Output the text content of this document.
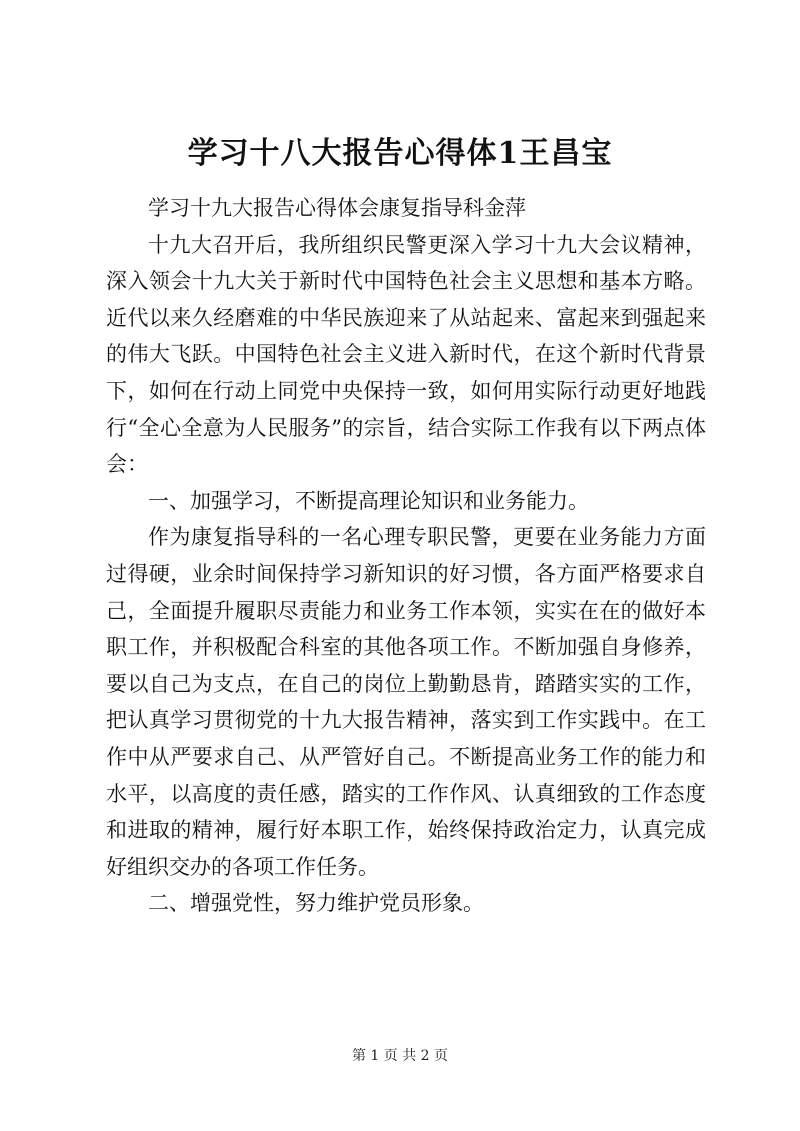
学习十八大报告心得体1王昌宝

学习十九大报告心得体会康复指导科金萍

十九大召开后，我所组织民警更深入学习十九大会议精神，深入领会十九大关于新时代中国特色社会主义思想和基本方略。近代以来久经磨难的中华民族迎来了从站起来、富起来到强起来的伟大飞跃。中国特色社会主义进入新时代，在这个新时代背景下，如何在行动上同党中央保持一致，如何用实际行动更好地践行“全心全意为人民服务”的宗旨，结合实际工作我有以下两点体会：

一、加强学习，不断提高理论知识和业务能力。

作为康复指导科的一名心理专职民警，更要在业务能力方面过得硬，业余时间保持学习新知识的好习惯，各方面严格要求自己，全面提升履职尽责能力和业务工作本领，实实在在的做好本职工作，并积极配合科室的其他各项工作。不断加强自身修养，要以自己为支点，在自己的岗位上勤勤恳肯，踏踏实实的工作，把认真学习贯彻党的十九大报告精神，落实到工作实践中。在工作中从严要求自己、从严管好自己。不断提高业务工作的能力和水平，以高度的责任感，踏实的工作作风、认真细致的工作态度和进取的精神，履行好本职工作，始终保持政治定力，认真完成好组织交办的各项工作任务。

二、增强党性，努力维护党员形象。

第 1 页 共 2 页
